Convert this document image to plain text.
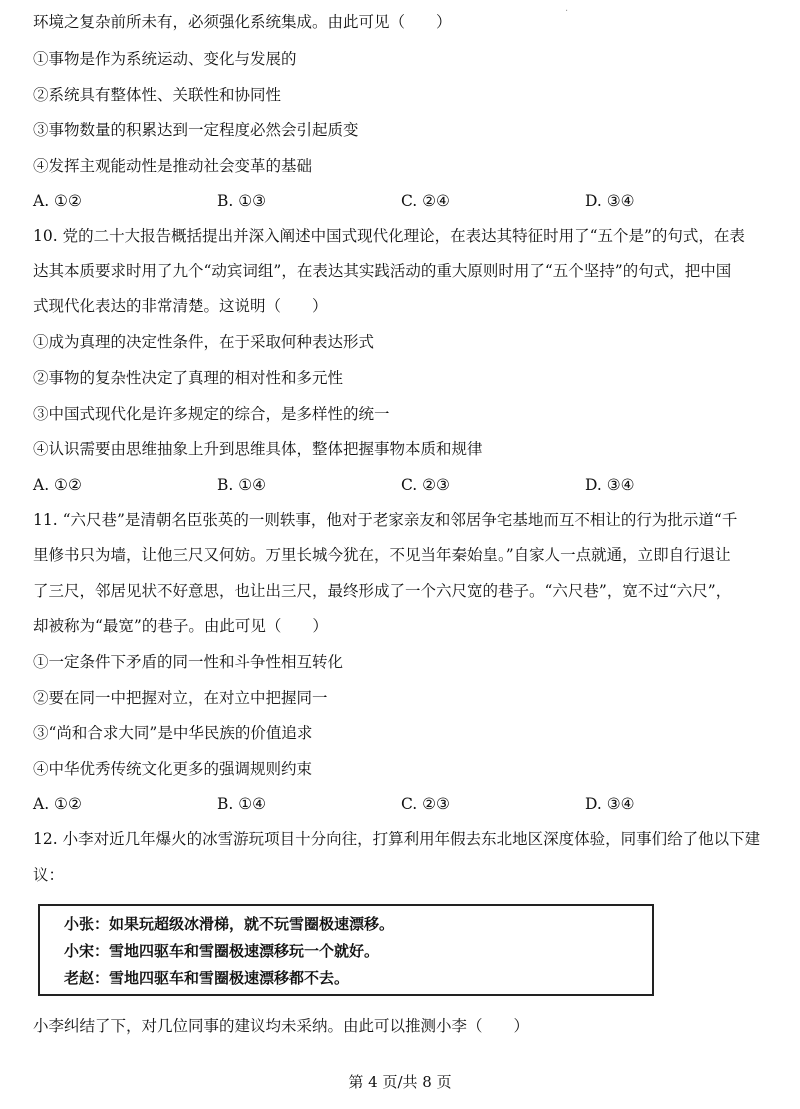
·
环境之复杂前所未有，必须强化系统集成。由此可见（　　）
①事物是作为系统运动、变化与发展的
②系统具有整体性、关联性和协同性
③事物数量的积累达到一定程度必然会引起质变
④发挥主观能动性是推动社会变革的基础
A. ①②	B. ①③	C. ②④	D. ③④
10. 党的二十大报告概括提出并深入阐述中国式现代化理论，在表达其特征时用了“五个是”的句式，在表
达其本质要求时用了九个“动宾词组”，在表达其实践活动的重大原则时用了“五个坚持”的句式，把中国
式现代化表达的非常清楚。这说明（　　）
①成为真理的决定性条件，在于采取何种表达形式
②事物的复杂性决定了真理的相对性和多元性
③中国式现代化是许多规定的综合，是多样性的统一
④认识需要由思维抽象上升到思维具体，整体把握事物本质和规律
A. ①②	B. ①④	C. ②③	D. ③④
11. “六尺巷”是清朝名臣张英的一则轶事，他对于老家亲友和邻居争宅基地而互不相让的行为批示道“千
里修书只为墙，让他三尺又何妨。万里长城今犹在，不见当年秦始皇。”自家人一点就通，立即自行退让
了三尺，邻居见状不好意思，也让出三尺，最终形成了一个六尺宽的巷子。“六尺巷”，宽不过“六尺”，
却被称为“最宽”的巷子。由此可见（　　）
①一定条件下矛盾的同一性和斗争性相互转化
②要在同一中把握对立，在对立中把握同一
③“尚和合求大同”是中华民族的价值追求
④中华优秀传统文化更多的强调规则约束
A. ①②	B. ①④	C. ②③	D. ③④
12. 小李对近几年爆火的冰雪游玩项目十分向往，打算利用年假去东北地区深度体验，同事们给了他以下建
议：
小张：如果玩超级冰滑梯，就不玩雪圈极速漂移。
小宋：雪地四驱车和雪圈极速漂移玩一个就好。
老赵：雪地四驱车和雪圈极速漂移都不去。
小李纠结了下，对几位同事的建议均未采纳。由此可以推测小李（　　）
第 4 页/共 8 页
